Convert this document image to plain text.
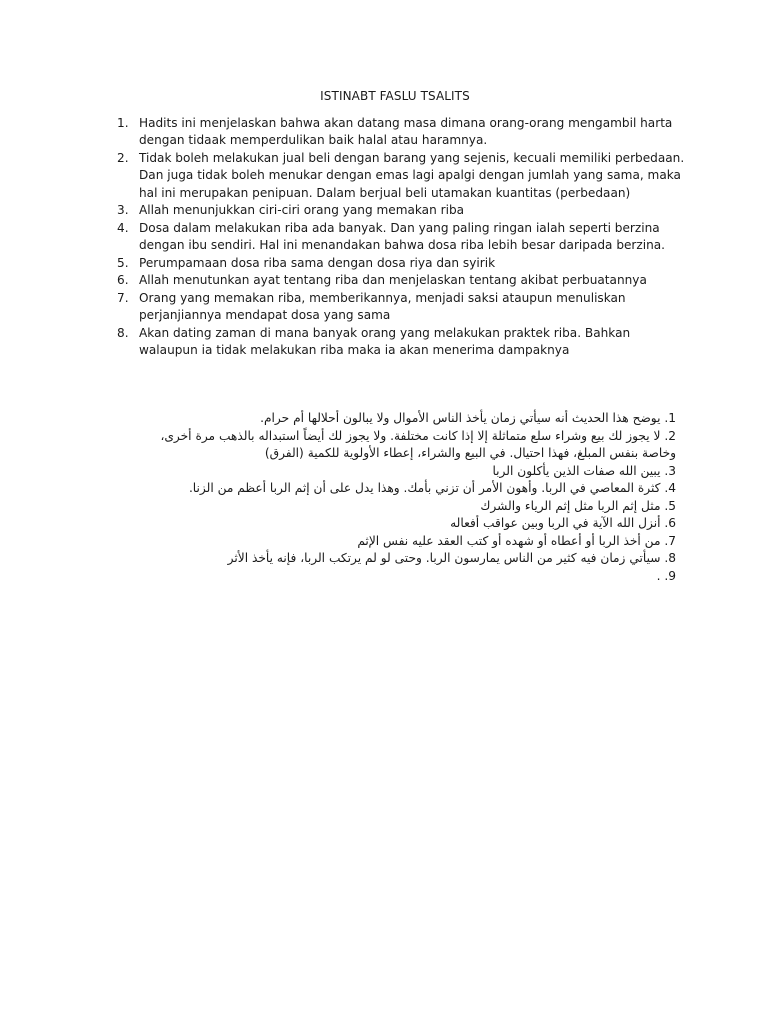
ISTINABT FASLU TSALITS
1. Hadits ini menjelaskan bahwa akan datang masa dimana orang-orang mengambil harta dengan tidaak memperdulikan baik halal atau haramnya.
2. Tidak boleh melakukan jual beli dengan barang yang sejenis, kecuali memiliki perbedaan. Dan juga tidak boleh menukar dengan emas lagi apalgi dengan jumlah yang sama, maka hal ini merupakan penipuan. Dalam berjual beli utamakan kuantitas (perbedaan)
3. Allah menunjukkan ciri-ciri orang yang memakan riba
4. Dosa dalam melakukan riba ada banyak. Dan yang paling ringan ialah seperti berzina dengan ibu sendiri. Hal ini menandakan bahwa dosa riba lebih besar daripada berzina.
5. Perumpamaan dosa riba sama dengan dosa riya dan syirik
6. Allah menutunkan ayat tentang riba dan menjelaskan tentang akibat perbuatannya
7. Orang yang memakan riba, memberikannya, menjadi saksi ataupun menuliskan perjanjiannya mendapat dosa yang sama
8. Akan dating zaman di mana banyak orang yang melakukan praktek riba. Bahkan walaupun ia tidak melakukan riba maka ia akan menerima dampaknya
1. يوضح هذا الحديث أنه سيأتي زمان يأخذ الناس الأموال ولا يبالون أحلالها أم حرام.
2. لا يجوز لك بيع وشراء سلع متماثلة إلا إذا كانت مختلفة. ولا يجوز لك أيضاً استبداله بالذهب مرة أخرى، وخاصة بنفس المبلغ، فهذا احتيال. في البيع والشراء، إعطاء الأولوية للكمية (الفرق)
3. يبين الله صفات الذين يأكلون الربا
4. كثرة المعاصي في الربا. وأهون الأمر أن تزني بأمك. وهذا يدل على أن إثم الربا أعظم من الزنا.
5. مثل إثم الربا مثل إثم الرياء والشرك
6. أنزل الله الآية في الربا وبين عواقب أفعاله
7. من أخذ الربا أو أعطاه أو شهده أو كتب العقد عليه نفس الإثم
8. سيأتي زمان فيه كثير من الناس يمارسون الربا. وحتى لو لم يرتكب الربا، فإنه يأخذ الأثر
9. .
